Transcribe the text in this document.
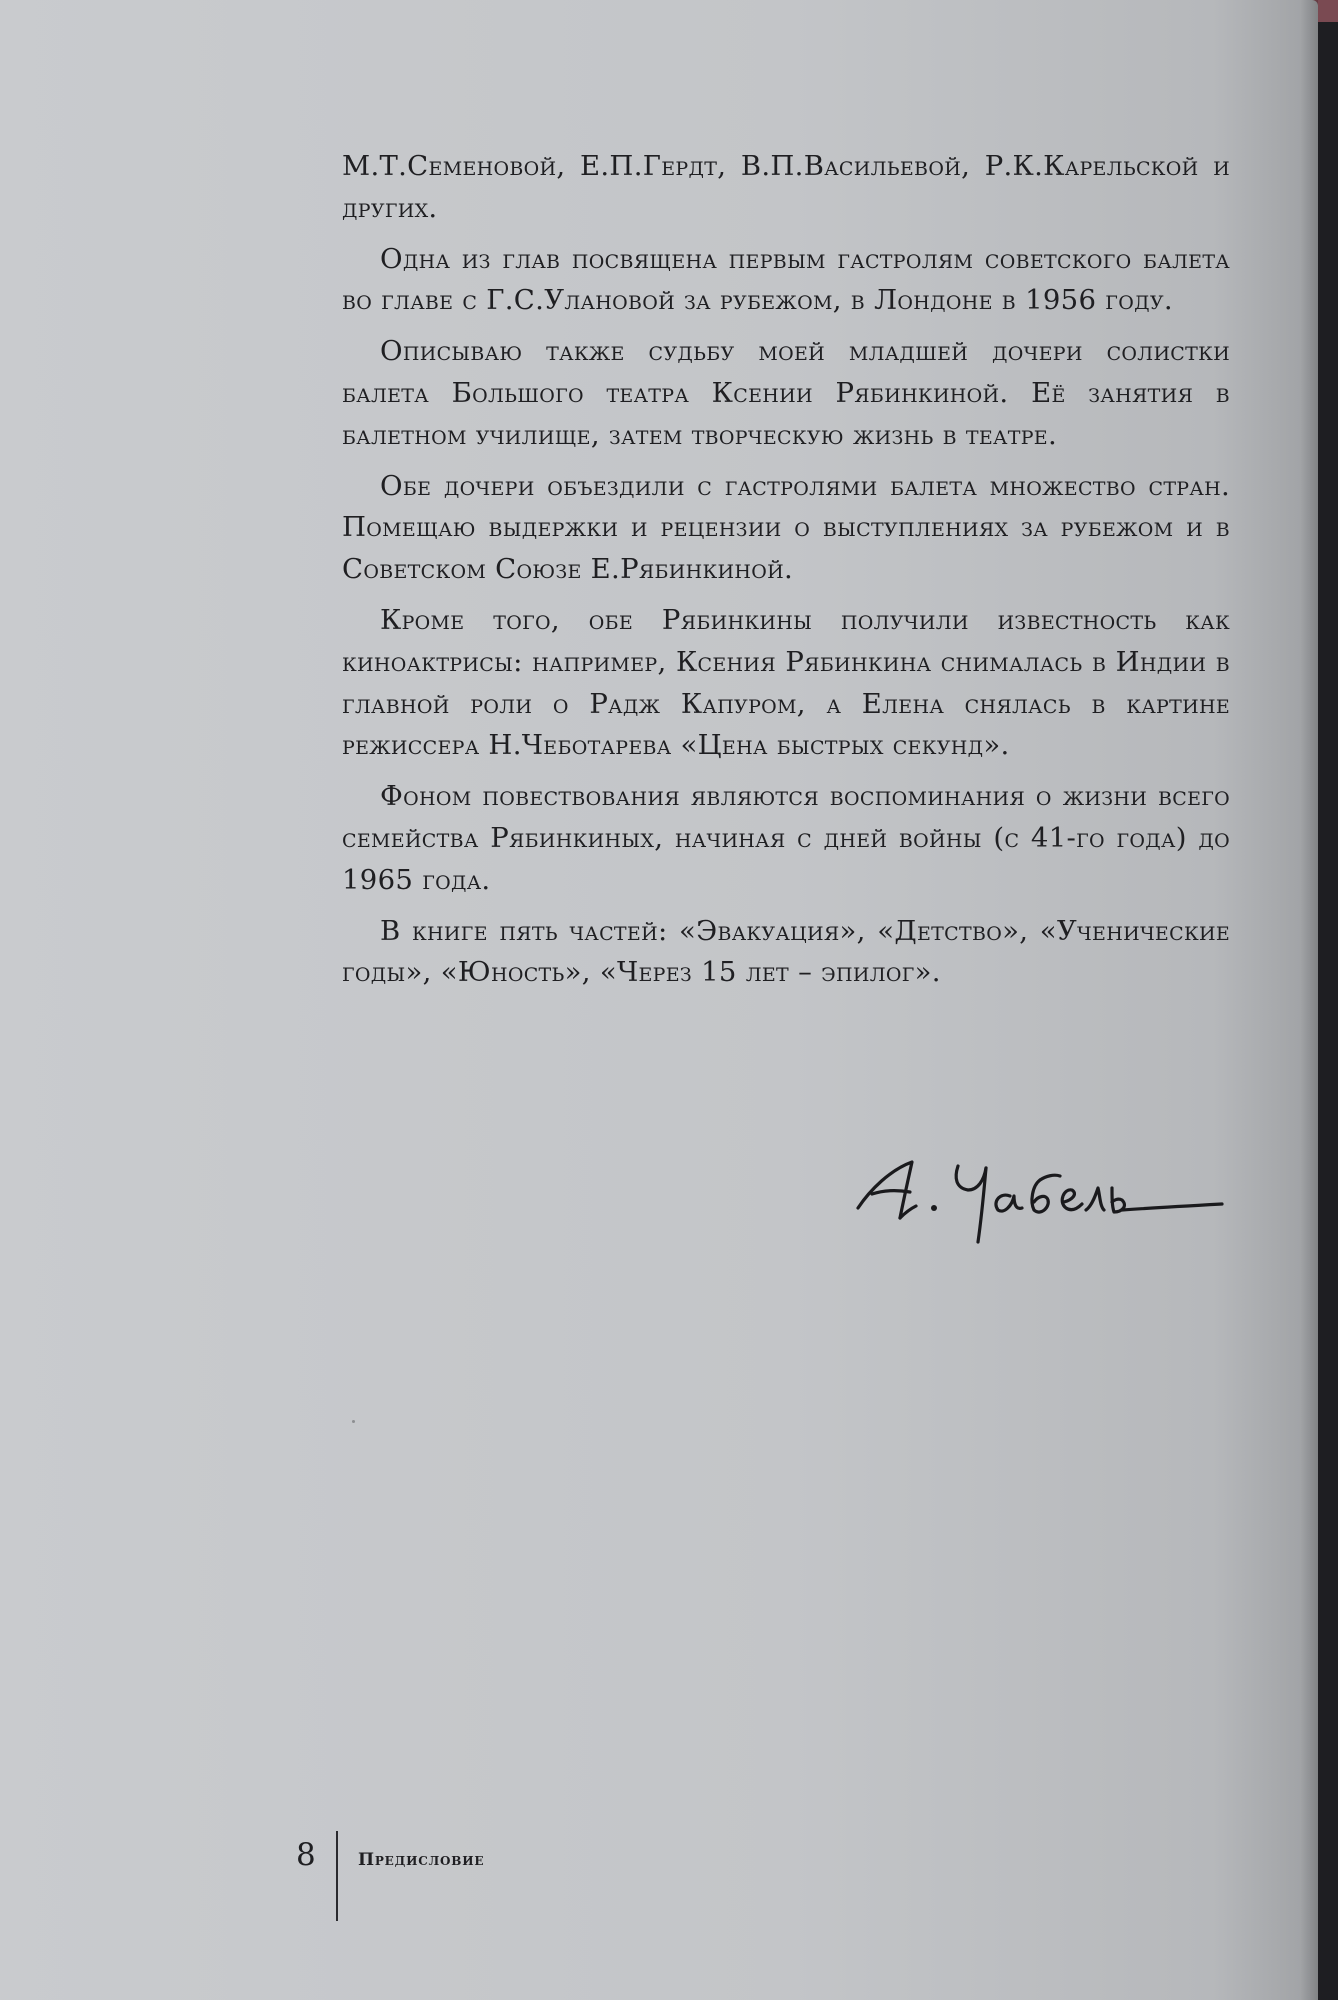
М.Т.Семеновой, Е.П.Гердт, В.П.Васильевой, Р.К.Карельской и других.

Одна из глав посвящена первым гастролям советского балета во главе с Г.С.Улановой за рубежом, в Лондоне в 1956 году.

Описываю также судьбу моей младшей дочери солистки балета Большого театра Ксении Рябинкиной. Её занятия в балетном училище, затем творческую жизнь в театре.

Обе дочери объездили с гастролями балета множество стран. Помещаю выдержки и рецензии о выступлениях за рубежом и в Советском Союзе Е.Рябинкиной.

Кроме того, обе Рябинкины получили известность как киноактрисы: например, Ксения Рябинкина снималась в Индии в главной роли о Радж Капуром, а Елена снялась в картине режиссера Н.Чеботарева «Цена быстрых секунд».

Фоном повествования являются воспоминания о жизни всего семейства Рябинкиных, начиная с дней войны (с 41-го года) до 1965 года.

В книге пять частей: «Эвакуация», «Детство», «Ученические годы», «Юность», «Через 15 лет – эпилог».

8 Предисловие
